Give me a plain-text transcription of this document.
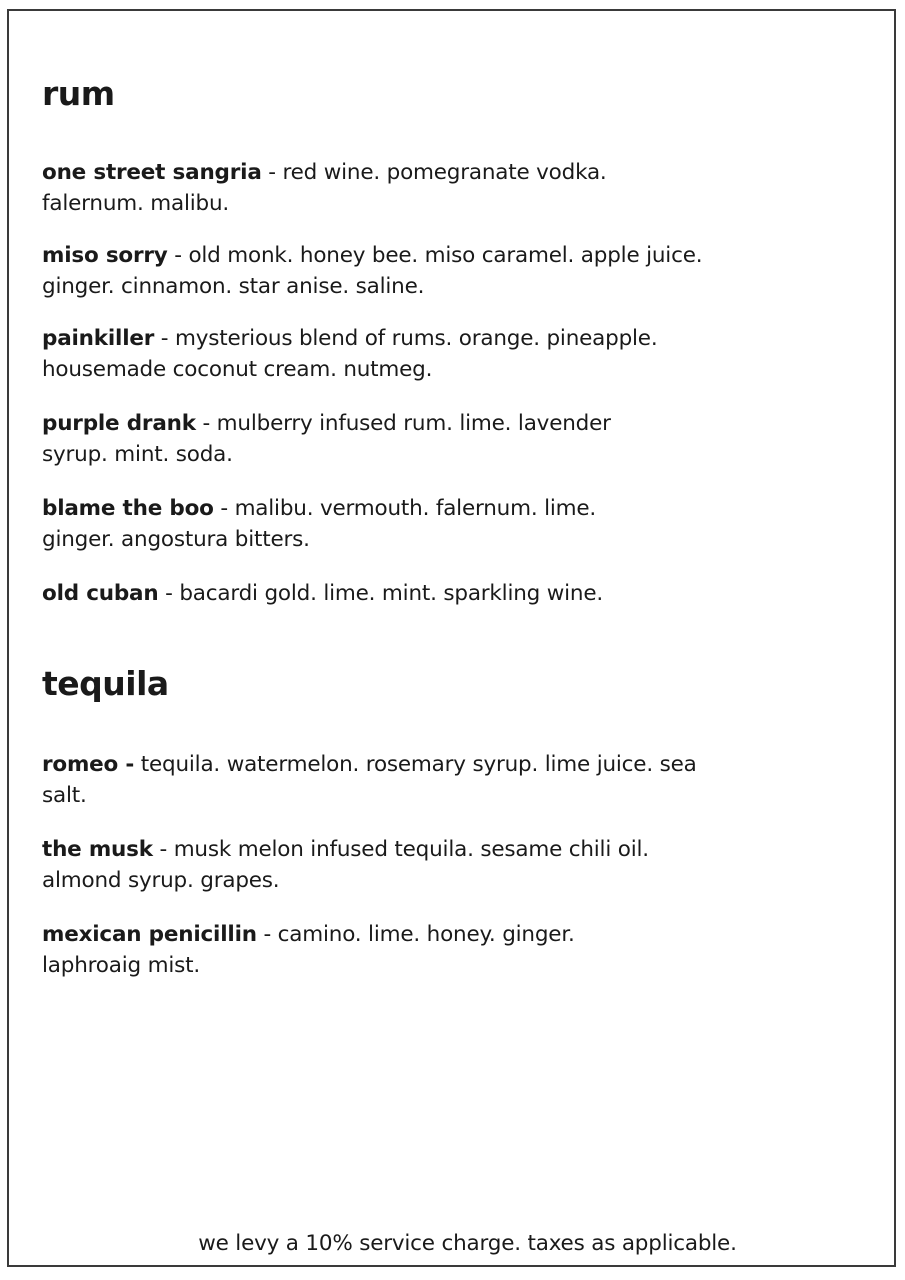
rum
one street sangria - red wine. pomegranate vodka. falernum. malibu.
miso sorry - old monk. honey bee. miso caramel. apple juice. ginger. cinnamon. star anise. saline.
painkiller - mysterious blend of rums. orange. pineapple. housemade coconut cream. nutmeg.
purple drank - mulberry infused rum. lime. lavender syrup. mint. soda.
blame the boo - malibu. vermouth. falernum. lime. ginger. angostura bitters.
old cuban - bacardi gold. lime. mint. sparkling wine.
tequila
romeo - tequila. watermelon. rosemary syrup. lime juice. sea salt.
the musk - musk melon infused tequila. sesame chili oil. almond syrup. grapes.
mexican penicillin - camino. lime. honey. ginger. laphroaig mist.
we levy a 10% service charge. taxes as applicable.
